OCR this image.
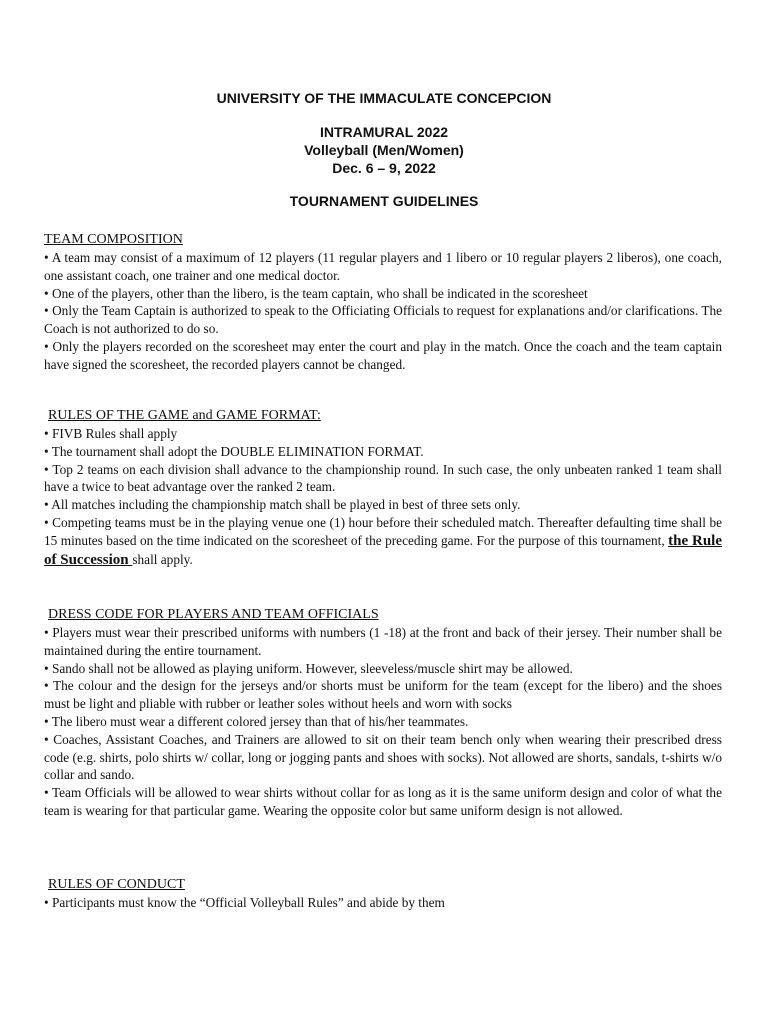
UNIVERSITY OF THE IMMACULATE CONCEPCION

INTRAMURAL 2022

Volleyball (Men/Women)

Dec. 6 – 9, 2022

TOURNAMENT GUIDELINES

TEAM COMPOSITION

• A team may consist of a maximum of 12 players (11 regular players and 1 libero or 10 regular players 2 liberos), one coach, one assistant coach, one trainer and one medical doctor.

• One of the players, other than the libero, is the team captain, who shall be indicated in the scoresheet

• Only the Team Captain is authorized to speak to the Officiating Officials to request for explanations and/or clarifications. The Coach is not authorized to do so.

• Only the players recorded on the scoresheet may enter the court and play in the match. Once the coach and the team captain have signed the scoresheet, the recorded players cannot be changed.

RULES OF THE GAME and GAME FORMAT:

• FIVB Rules shall apply

• The tournament shall adopt the DOUBLE ELIMINATION FORMAT.

• Top 2 teams on each division shall advance to the championship round. In such case, the only unbeaten ranked 1 team shall have a twice to beat advantage over the ranked 2 team.

• All matches including the championship match shall be played in best of three sets only.

• Competing teams must be in the playing venue one (1) hour before their scheduled match. Thereafter defaulting time shall be 15 minutes based on the time indicated on the scoresheet of the preceding game. For the purpose of this tournament, the Rule of Succession shall apply.

DRESS CODE FOR PLAYERS AND TEAM OFFICIALS

• Players must wear their prescribed uniforms with numbers (1 -18) at the front and back of their jersey. Their number shall be maintained during the entire tournament.

• Sando shall not be allowed as playing uniform. However, sleeveless/muscle shirt may be allowed.

• The colour and the design for the jerseys and/or shorts must be uniform for the team (except for the libero) and the shoes must be light and pliable with rubber or leather soles without heels and worn with socks

• The libero must wear a different colored jersey than that of his/her teammates.

• Coaches, Assistant Coaches, and Trainers are allowed to sit on their team bench only when wearing their prescribed dress code (e.g. shirts, polo shirts w/ collar, long or jogging pants and shoes with socks). Not allowed are shorts, sandals, t-shirts w/o collar and sando.

• Team Officials will be allowed to wear shirts without collar for as long as it is the same uniform design and color of what the team is wearing for that particular game. Wearing the opposite color but same uniform design is not allowed.

RULES OF CONDUCT

• Participants must know the “Official Volleyball Rules” and abide by them
